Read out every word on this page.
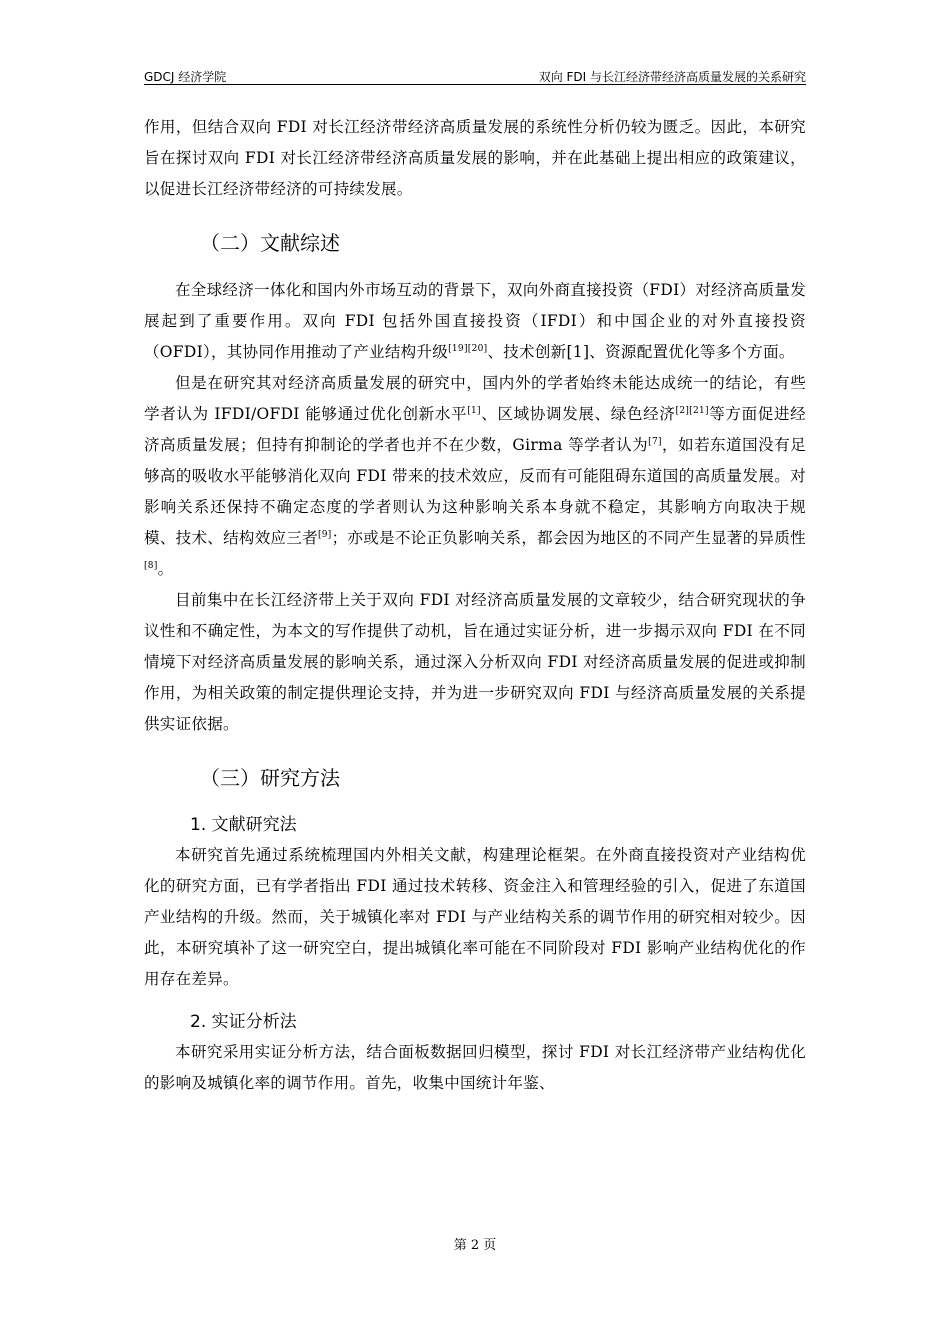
GDCJ 经济学院	双向 FDI 与长江经济带经济高质量发展的关系研究

作用，但结合双向 FDI 对长江经济带经济高质量发展的系统性分析仍较为匮乏。因此，本研究旨在探讨双向 FDI 对长江经济带经济高质量发展的影响，并在此基础上提出相应的政策建议，以促进长江经济带经济的可持续发展。

（二）文献综述

在全球经济一体化和国内外市场互动的背景下，双向外商直接投资（FDI）对经济高质量发展起到了重要作用。双向 FDI 包括外国直接投资（IFDI）和中国企业的对外直接投资（OFDI），其协同作用推动了产业结构升级[19][20]、技术创新[1]、资源配置优化等多个方面。

但是在研究其对经济高质量发展的研究中，国内外的学者始终未能达成统一的结论，有些学者认为 IFDI/OFDI 能够通过优化创新水平[1]、区域协调发展、绿色经济[2][21]等方面促进经济高质量发展；但持有抑制论的学者也并不在少数，Girma 等学者认为[7]，如若东道国没有足够高的吸收水平能够消化双向 FDI 带来的技术效应，反而有可能阻碍东道国的高质量发展。对影响关系还保持不确定态度的学者则认为这种影响关系本身就不稳定，其影响方向取决于规模、技术、结构效应三者[9]；亦或是不论正负影响关系，都会因为地区的不同产生显著的异质性[8]。

目前集中在长江经济带上关于双向 FDI 对经济高质量发展的文章较少，结合研究现状的争议性和不确定性，为本文的写作提供了动机，旨在通过实证分析，进一步揭示双向 FDI 在不同情境下对经济高质量发展的影响关系，通过深入分析双向 FDI 对经济高质量发展的促进或抑制作用，为相关政策的制定提供理论支持，并为进一步研究双向 FDI 与经济高质量发展的关系提供实证依据。

（三）研究方法
1. 文献研究法

本研究首先通过系统梳理国内外相关文献，构建理论框架。在外商直接投资对产业结构优化的研究方面，已有学者指出 FDI 通过技术转移、资金注入和管理经验的引入，促进了东道国产业结构的升级。然而，关于城镇化率对 FDI 与产业结构关系的调节作用的研究相对较少。因此，本研究填补了这一研究空白，提出城镇化率可能在不同阶段对 FDI 影响产业结构优化的作用存在差异。

2. 实证分析法

本研究采用实证分析方法，结合面板数据回归模型，探讨 FDI 对长江经济带产业结构优化的影响及城镇化率的调节作用。首先，收集中国统计年鉴、

第 2 页
